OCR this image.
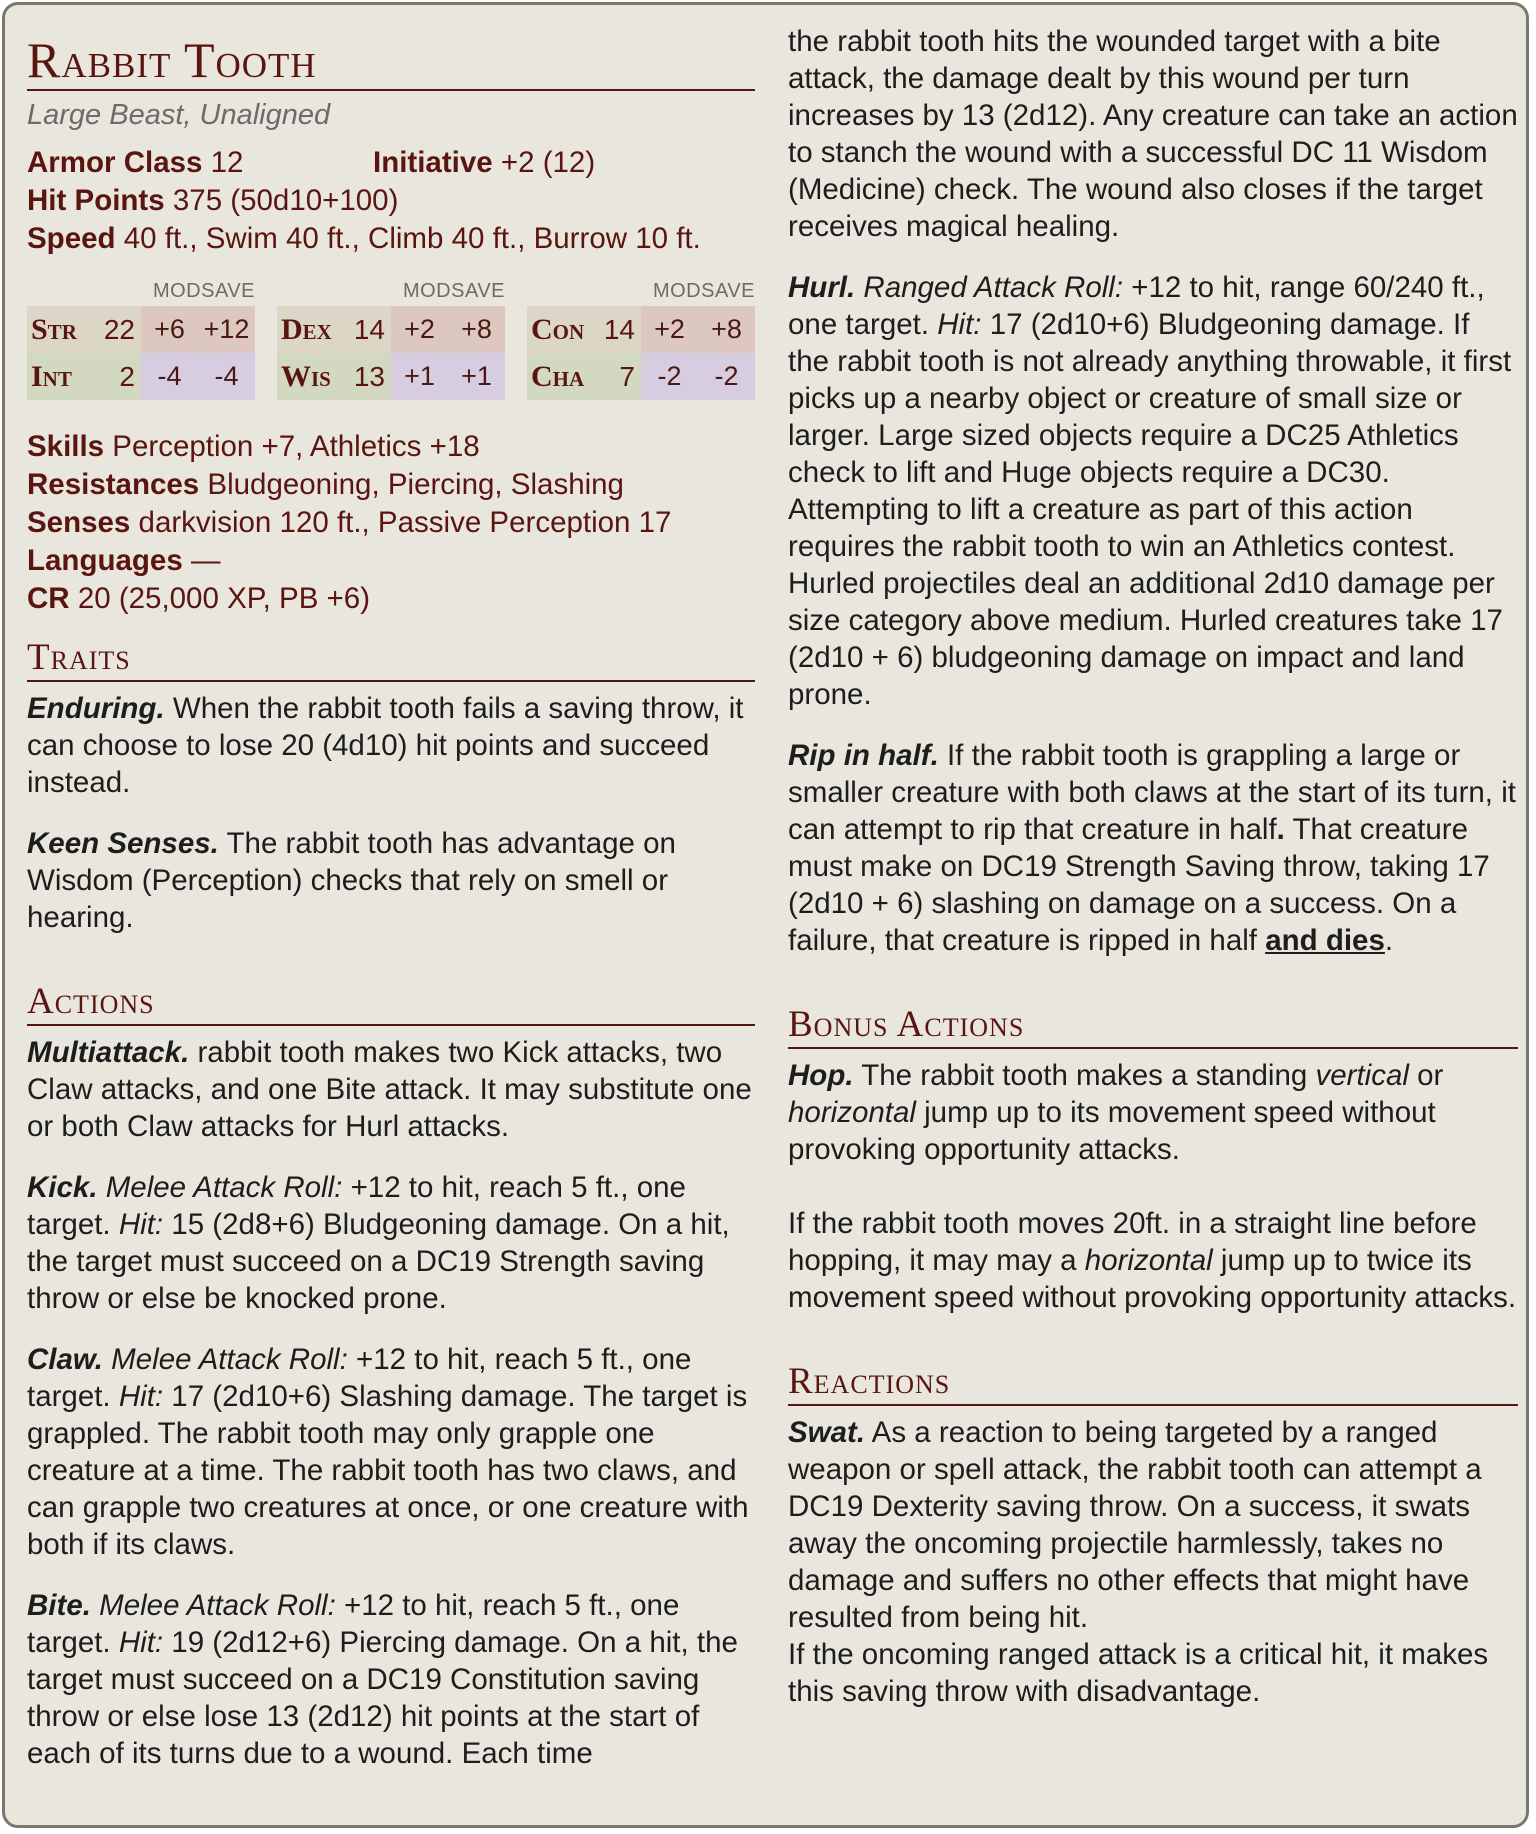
Rabbit Tooth
Large Beast, Unaligned
Armor Class 12	Initiative +2 (12)
Hit Points 375 (50d10+100)
Speed 40 ft., Swim 40 ft., Climb 40 ft., Burrow 10 ft.
MODSAVE
Str 22 +6 +12
Int 2 -4	-4
MODSAVE
Dex 14 +2 +8
Wis 13 +1 +1
MODSAVE
Con 14 +2 +8
Cha 7 -2	-2
Skills Perception +7, Athletics +18
Resistances Bludgeoning, Piercing, Slashing
Senses darkvision 120 ft., Passive Perception 17
Languages —
CR 20 (25,000 XP, PB +6)
Traits

Enduring. When the rabbit tooth fails a saving throw, it can choose to lose 20 (4d10) hit points and succeed instead.

Keen Senses. The rabbit tooth has advantage on Wisdom (Perception) checks that rely on smell or hearing.

Actions

Multiattack. rabbit tooth makes two Kick attacks, two Claw attacks, and one Bite attack. It may substitute one or both Claw attacks for Hurl attacks.

Kick. Melee Attack Roll: +12 to hit, reach 5 ft., one target. Hit: 15 (2d8+6) Bludgeoning damage. On a hit, the target must succeed on a DC19 Strength saving throw or else be knocked prone.

Claw. Melee Attack Roll: +12 to hit, reach 5 ft., one target. Hit: 17 (2d10+6) Slashing damage. The target is grappled. The rabbit tooth may only grapple one creature at a time. The rabbit tooth has two claws, and can grapple two creatures at once, or one creature with both if its claws.

Bite. Melee Attack Roll: +12 to hit, reach 5 ft., one target. Hit: 19 (2d12+6) Piercing damage. On a hit, the target must succeed on a DC19 Constitution saving throw or else lose 13 (2d12) hit points at the start of each of its turns due to a wound. Each time

the rabbit tooth hits the wounded target with a bite attack, the damage dealt by this wound per turn increases by 13 (2d12). Any creature can take an action to stanch the wound with a successful DC 11 Wisdom (Medicine) check. The wound also closes if the target receives magical healing.

Hurl. Ranged Attack Roll: +12 to hit, range 60/240 ft., one target. Hit: 17 (2d10+6) Bludgeoning damage. If the rabbit tooth is not already anything throwable, it first picks up a nearby object or creature of small size or larger. Large sized objects require a DC25 Athletics check to lift and Huge objects require a DC30. Attempting to lift a creature as part of this action requires the rabbit tooth to win an Athletics contest. Hurled projectiles deal an additional 2d10 damage per size category above medium. Hurled creatures take 17 (2d10 + 6) bludgeoning damage on impact and land prone.

Rip in half. If the rabbit tooth is grappling a large or smaller creature with both claws at the start of its turn, it can attempt to rip that creature in half. That creature must make on DC19 Strength Saving throw, taking 17 (2d10 + 6) slashing on damage on a success. On a failure, that creature is ripped in half and dies.

Bonus Actions

Hop. The rabbit tooth makes a standing vertical or horizontal jump up to its movement speed without provoking opportunity attacks.

If the rabbit tooth moves 20ft. in a straight line before hopping, it may may a horizontal jump up to twice its movement speed without provoking opportunity attacks.

Reactions

Swat. As a reaction to being targeted by a ranged weapon or spell attack, the rabbit tooth can attempt a DC19 Dexterity saving throw. On a success, it swats away the oncoming projectile harmlessly, takes no damage and suffers no other effects that might have resulted from being hit.

If the oncoming ranged attack is a critical hit, it makes this saving throw with disadvantage.
